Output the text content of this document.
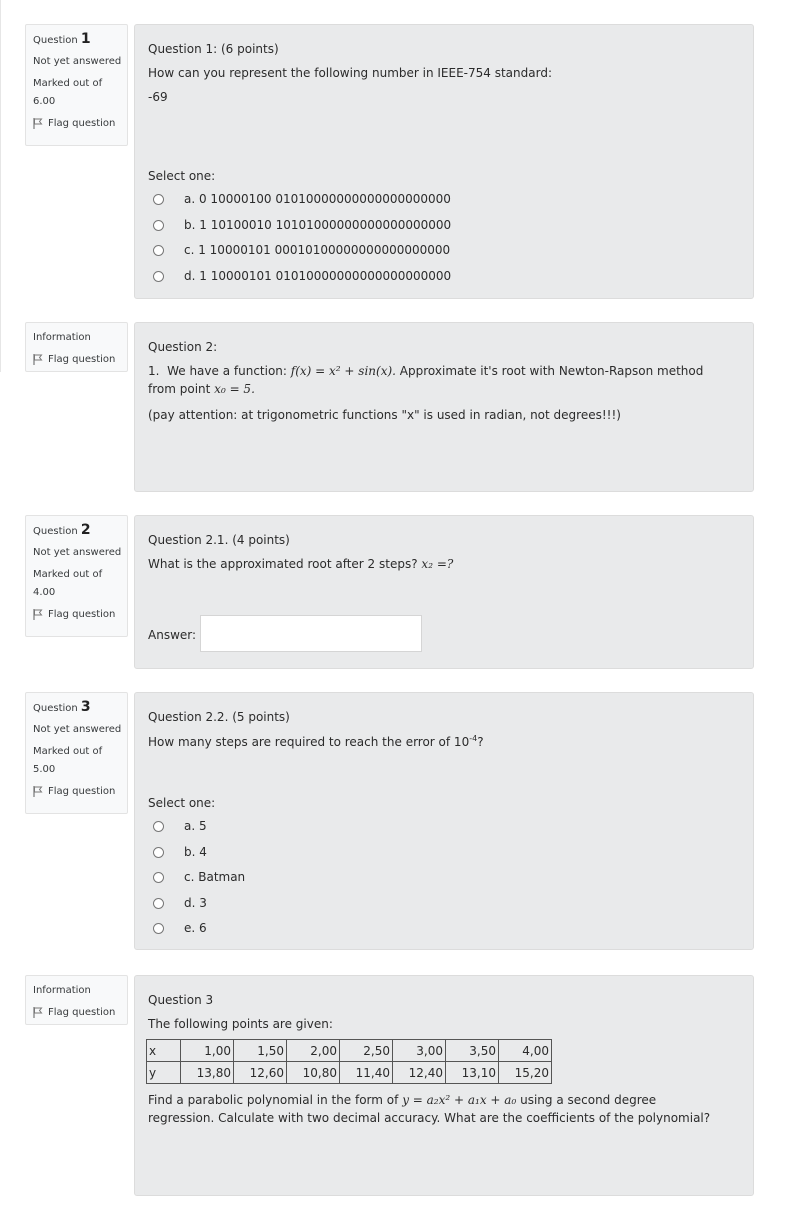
Question 1
Not yet answered
Marked out of 6.00
Flag question
Question 1: (6 points)
How can you represent the following number in IEEE-754 standard:
-69
Select one:
a. 0 10000100 01010000000000000000000
b. 1 10100010 10101000000000000000000
c. 1 10000101 00010100000000000000000
d. 1 10000101 01010000000000000000000
Information
Flag question
Question 2:
1. We have a function: f(x) = x² + sin(x). Approximate it's root with Newton-Rapson method
from point x₀ = 5.
(pay attention: at trigonometric functions "x" is used in radian, not degrees!!!)
Question 2
Not yet answered
Marked out of 4.00
Flag question
Question 2.1. (4 points)
What is the approximated root after 2 steps? x₂ =?
Answer:
Question 3
Not yet answered
Marked out of 5.00
Flag question
Question 2.2. (5 points)
How many steps are required to reach the error of $10^{-4}$?
Select one:
a. 5
b. 4
c. Batman
d. 3
e. 6
Information
Flag question
Question 3
The following points are given:
x	1,00	1,50	2,00	2,50	3,00	3,50	4,00
y	13,80	12,60	10,80	11,40	12,40	13,10	15,20
Find a parabolic polynomial in the form of y = a₂x² + a₁x + a₀ using a second degree
regression. Calculate with two decimal accuracy. What are the coefficients of the polynomial?
